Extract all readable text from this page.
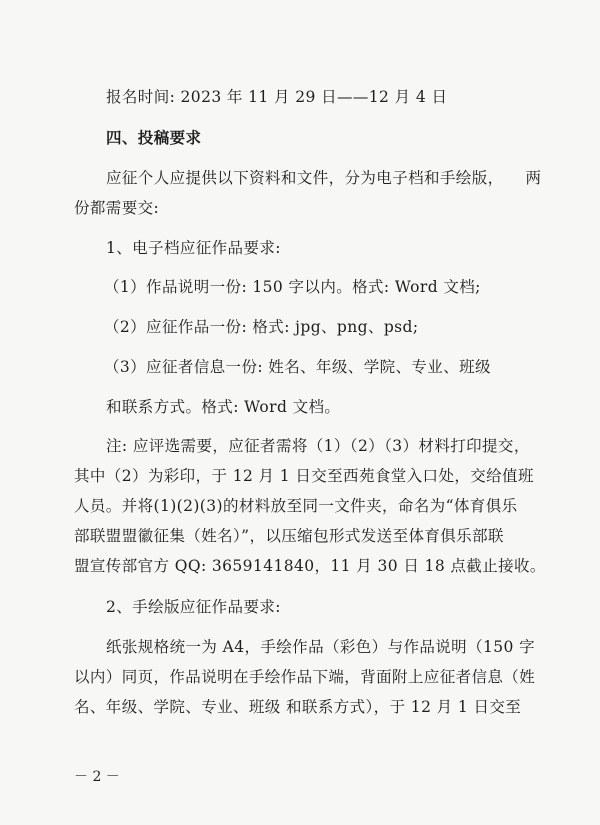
报名时间: 2023 年 11 月 29 日——12 月 4 日
四、投稿要求
应征个人应提供以下资料和文件，分为电子档和手绘版， 两
份都需要交:
1、电子档应征作品要求:
（1）作品说明一份: 150 字以内。格式: Word 文档;
（2）应征作品一份: 格式: jpg、png、psd;
（3）应征者信息一份: 姓名、年级、学院、专业、班级
和联系方式。格式: Word 文档。
注: 应评选需要，应征者需将（1）（2）（3）材料打印提交，
其中（2）为彩印，于 12 月 1 日交至西苑食堂入口处，交给值班
人员。并将(1)(2)(3)的材料放至同一文件夹，命名为“体育俱乐
部联盟盟徽征集（姓名）”，以压缩包形式发送至体育俱乐部联
盟宣传部官方 QQ: 3659141840，11 月 30 日 18 点截止接收。
2、手绘版应征作品要求:
纸张规格统一为 A4，手绘作品（彩色）与作品说明（150 字
以内）同页，作品说明在手绘作品下端，背面附上应征者信息（姓
名、年级、学院、专业、班级 和联系方式），于 12 月 1 日交至
－ 2 －
